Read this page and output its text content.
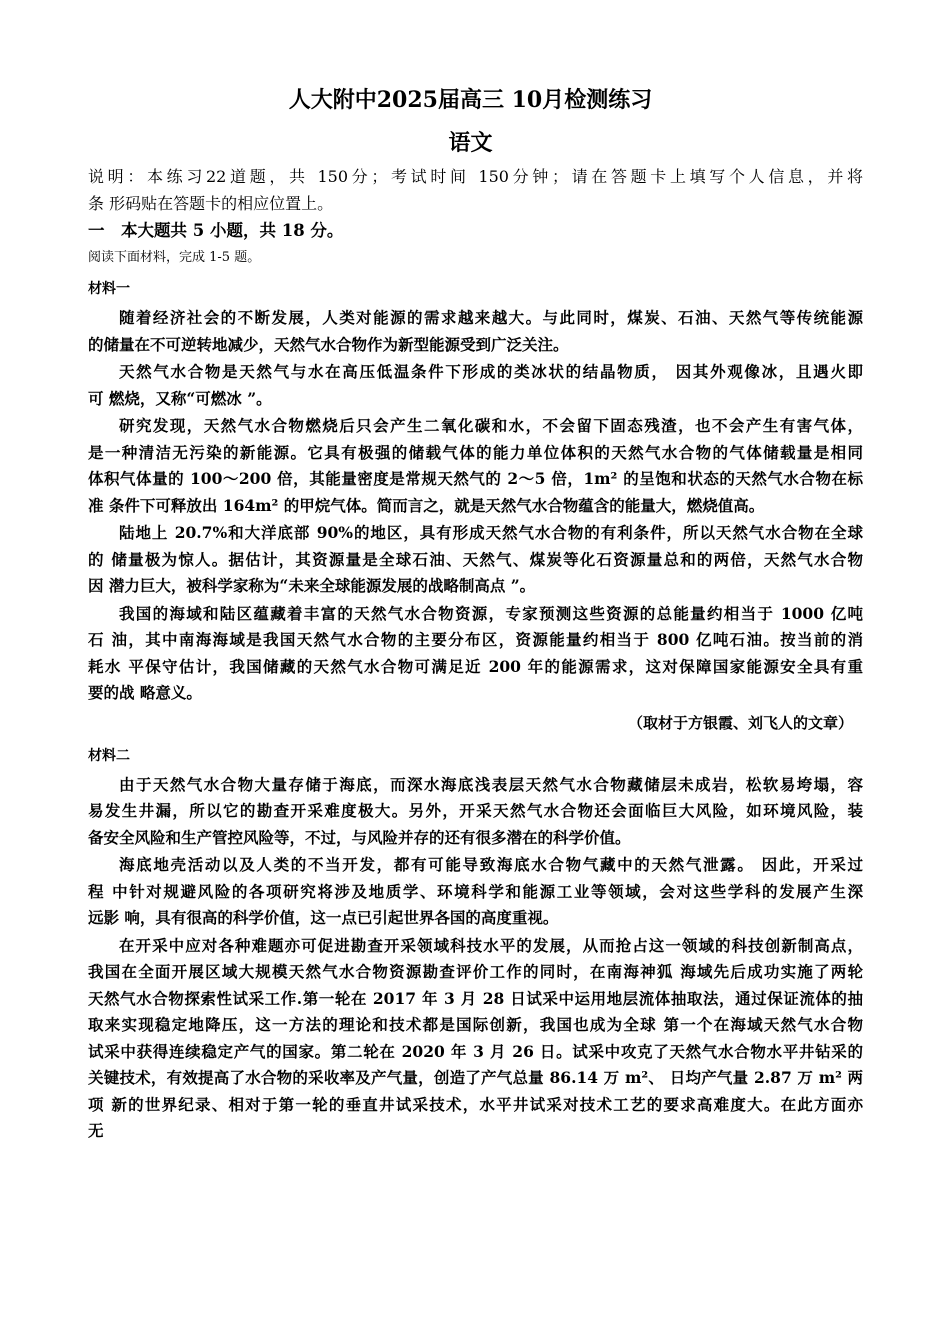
人大附中2025届高三 10月检测练习
语文
说明：本练习22道题，共 150分；考试时间 150分钟；请在答题卡上填写个人信息，并将
条 形码贴在答题卡的相应位置上。
一　本大题共 5 小题，共 18 分。
阅读下面材料，完成 1-5 题。
材料一
随着经济社会的不断发展，人类对能源的需求越来越大。与此同时，煤炭、石油、天然气等传统能源
的储量在不可逆转地减少，天然气水合物作为新型能源受到广泛关注。
天然气水合物是天然气与水在高压低温条件下形成的类冰状的结晶物质， 因其外观像冰，且遇火即
可 燃烧，又称“可燃冰 ”。
研究发现，天然气水合物燃烧后只会产生二氧化碳和水，不会留下固态残渣，也不会产生有害气体，
是一种清洁无污染的新能源。它具有极强的储载气体的能力单位体积的天然气水合物的气体储载量是相同
体积气体量的 100～200 倍，其能量密度是常规天然气的 2～5 倍，1m² 的呈饱和状态的天然气水合物在标
准 条件下可释放出 164m² 的甲烷气体。简而言之，就是天然气水合物蕴含的能量大，燃烧值高。
陆地上 20.7%和大洋底部 90%的地区，具有形成天然气水合物的有利条件，所以天然气水合物在全球
的 储量极为惊人。据估计，其资源量是全球石油、天然气、煤炭等化石资源量总和的两倍，天然气水合物
因 潜力巨大，被科学家称为“未来全球能源发展的战略制高点 ”。
我国的海域和陆区蕴藏着丰富的天然气水合物资源，专家预测这些资源的总能量约相当于 1000 亿吨
石 油，其中南海海域是我国天然气水合物的主要分布区，资源能量约相当于 800 亿吨石油。按当前的消
耗水 平保守估计，我国储藏的天然气水合物可满足近 200 年的能源需求，这对保障国家能源安全具有重
要的战 略意义。
（取材于方银霞、刘飞人的文章）
材料二
由于天然气水合物大量存储于海底，而深水海底浅表层天然气水合物藏储层未成岩，松软易垮塌，容
易发生井漏，所以它的勘查开采难度极大。另外，开采天然气水合物还会面临巨大风险，如环境风险，装
备安全风险和生产管控风险等，不过，与风险并存的还有很多潜在的科学价值。
海底地壳活动以及人类的不当开发，都有可能导致海底水合物气藏中的天然气泄露。 因此，开采过
程 中针对规避风险的各项研究将涉及地质学、环境科学和能源工业等领域，会对这些学科的发展产生深
远影 响，具有很高的科学价值，这一点已引起世界各国的高度重视。
在开采中应对各种难题亦可促进勘查开采领域科技水平的发展，从而抢占这一领域的科技创新制高点，
我国在全面开展区域大规模天然气水合物资源勘查评价工作的同时，在南海神狐 海域先后成功实施了两轮
天然气水合物探索性试采工作.第一轮在 2017 年 3 月 28 日试采中运用地层流体抽取法，通过保证流体的抽
取来实现稳定地降压，这一方法的理论和技术都是国际创新，我国也成为全球 第一个在海域天然气水合物
试采中获得连续稳定产气的国家。第二轮在 2020 年 3 月 26 日。试采中攻克了天然气水合物水平井钻采的
关键技术，有效提高了水合物的采收率及产气量，创造了产气总量 86.14 万 m²、 日均产气量 2.87 万 m² 两
项 新的世界纪录、相对于第一轮的垂直井试采技术，水平井试采对技术工艺的要求高难度大。在此方面亦
无
